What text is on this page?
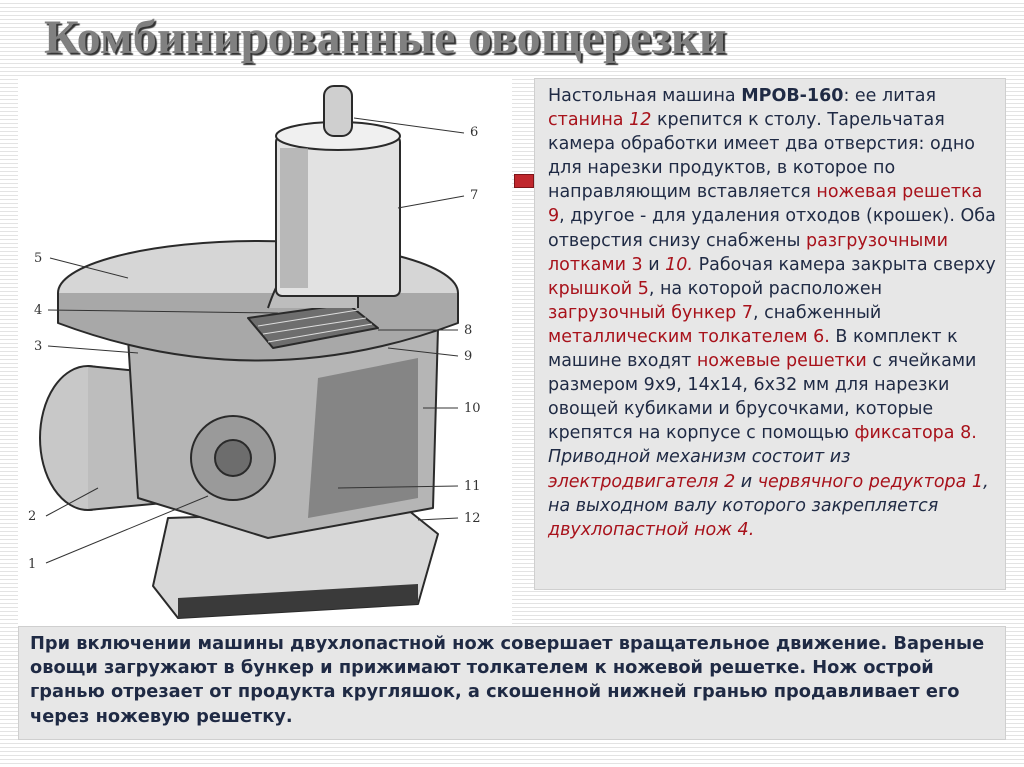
Комбинированные овощерезки
6
7
5
4
3
8
9
10
11
12
2
1
Настольная машина МРОВ-160: ее литая станина 12 крепится к столу. Тарельчатая камера обработки имеет два отверстия: одно для нарезки продуктов, в которое по направляющим вставляется ножевая решетка 9, другое - для удаления отходов (крошек). Оба отверстия снизу снабжены разгрузочными лотками 3 и 10. Рабочая камера закрыта сверху крышкой 5, на которой расположен загрузочный бункер 7, снабженный металлическим толкателем 6. В комплект к машине входят ножевые решетки с ячейками размером 9х9, 14х14, 6х32 мм для нарезки овощей кубиками и брусочками, которые крепятся на корпусе с помощью фиксатора 8. Приводной механизм состоит из электродвигателя 2 и червячного редуктора 1, на выходном валу которого закрепляется двухлопастной нож 4.
При включении машины двухлопастной нож совершает вращательное движение. Вареные овощи загружают в бункер и прижимают толкателем к ножевой решетке. Нож острой гранью отрезает от продукта кругляшок, а скошенной нижней гранью продавливает его через ножевую решетку.
